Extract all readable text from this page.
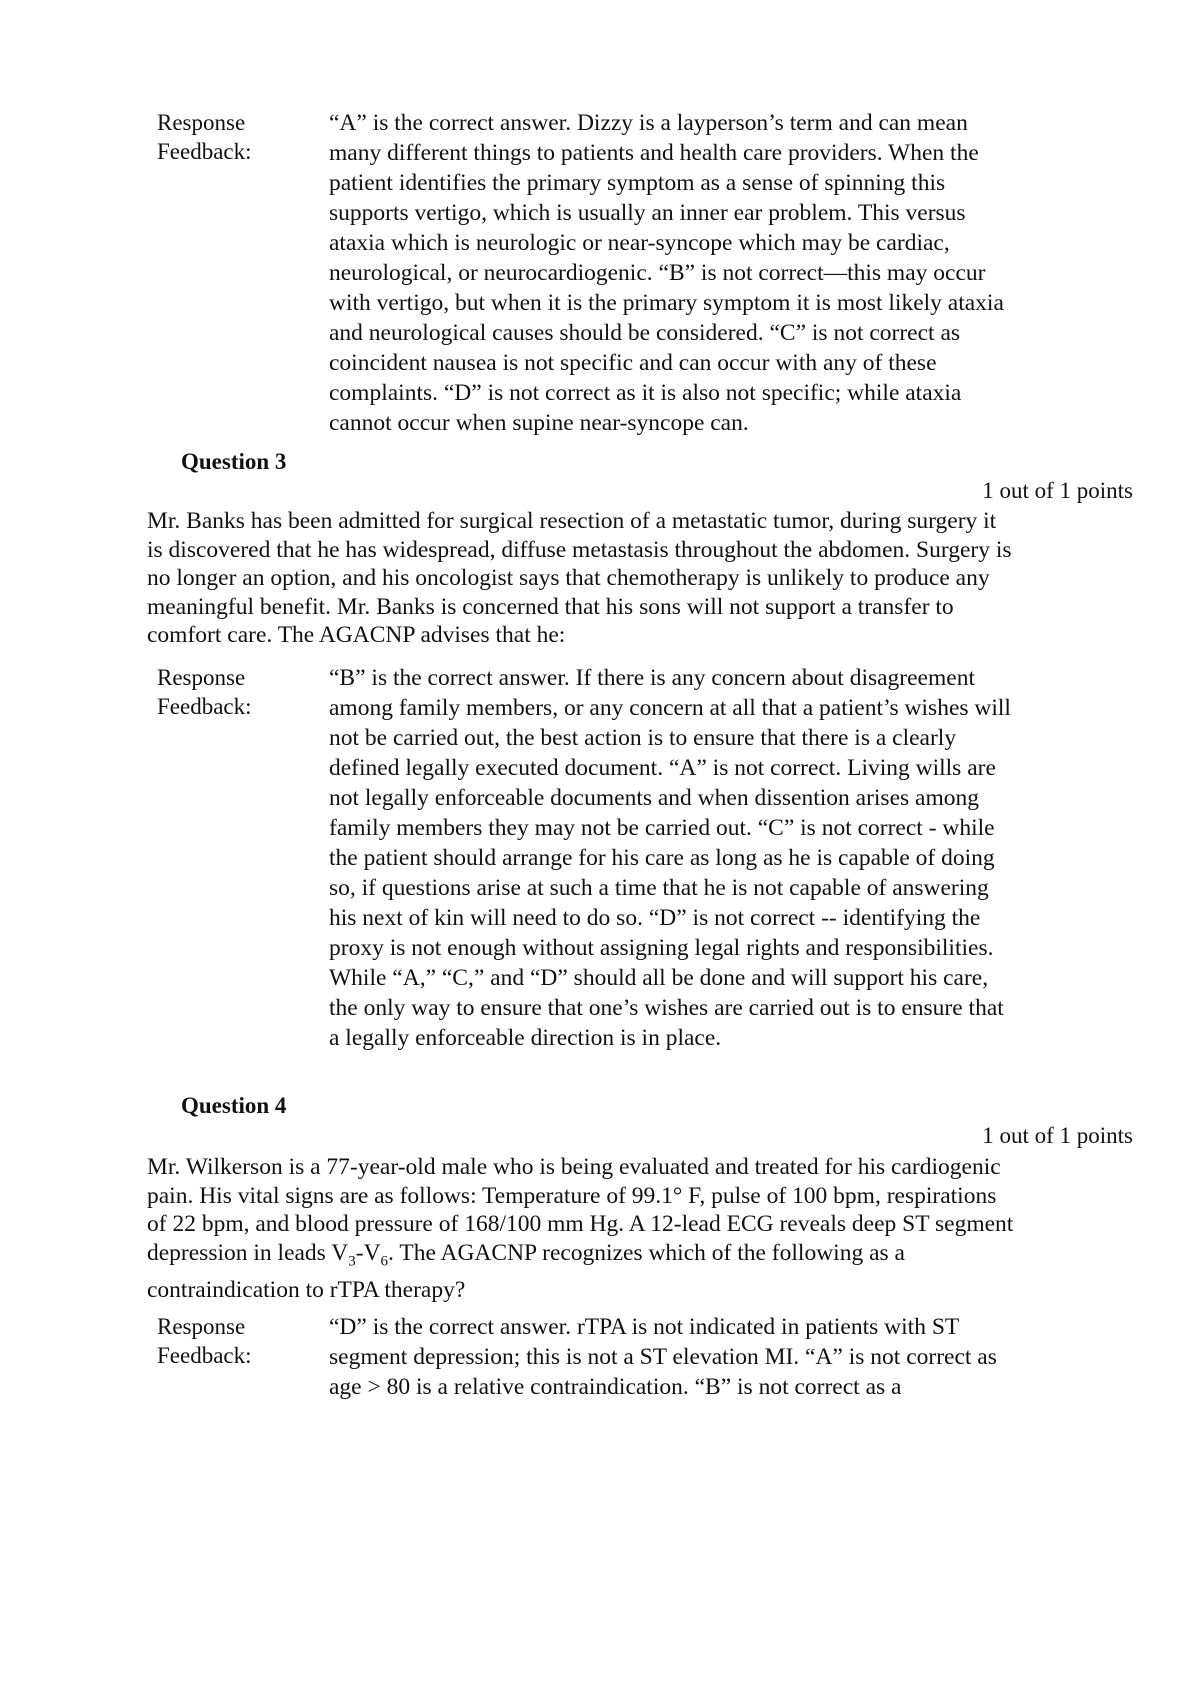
Response Feedback:
“A” is the correct answer. Dizzy is a layperson’s term and can mean many different things to patients and health care providers. When the patient identifies the primary symptom as a sense of spinning this supports vertigo, which is usually an inner ear problem. This versus ataxia which is neurologic or near-syncope which may be cardiac, neurological, or neurocardiogenic. “B” is not correct—this may occur with vertigo, but when it is the primary symptom it is most likely ataxia and neurological causes should be considered. “C” is not correct as coincident nausea is not specific and can occur with any of these complaints. “D” is not correct as it is also not specific; while ataxia cannot occur when supine near-syncope can.
Question 3
1 out of 1 points
Mr. Banks has been admitted for surgical resection of a metastatic tumor, during surgery it is discovered that he has widespread, diffuse metastasis throughout the abdomen. Surgery is no longer an option, and his oncologist says that chemotherapy is unlikely to produce any meaningful benefit. Mr. Banks is concerned that his sons will not support a transfer to comfort care. The AGACNP advises that he:
Response Feedback:
“B” is the correct answer. If there is any concern about disagreement among family members, or any concern at all that a patient’s wishes will not be carried out, the best action is to ensure that there is a clearly defined legally executed document. “A” is not correct. Living wills are not legally enforceable documents and when dissention arises among family members they may not be carried out. “C” is not correct - while the patient should arrange for his care as long as he is capable of doing so, if questions arise at such a time that he is not capable of answering his next of kin will need to do so. “D” is not correct -- identifying the proxy is not enough without assigning legal rights and responsibilities. While “A,” “C,” and “D” should all be done and will support his care, the only way to ensure that one’s wishes are carried out is to ensure that a legally enforceable direction is in place.
Question 4
1 out of 1 points
Mr. Wilkerson is a 77-year-old male who is being evaluated and treated for his cardiogenic pain. His vital signs are as follows: Temperature of 99.1° F, pulse of 100 bpm, respirations of 22 bpm, and blood pressure of 168/100 mm Hg. A 12-lead ECG reveals deep ST segment depression in leads $V_3-V_6$. The AGACNP recognizes which of the following as a contraindication to rTPA therapy?
Response Feedback:
“D” is the correct answer. rTPA is not indicated in patients with ST segment depression; this is not a ST elevation MI. “A” is not correct as age > 80 is a relative contraindication. “B” is not correct as a
